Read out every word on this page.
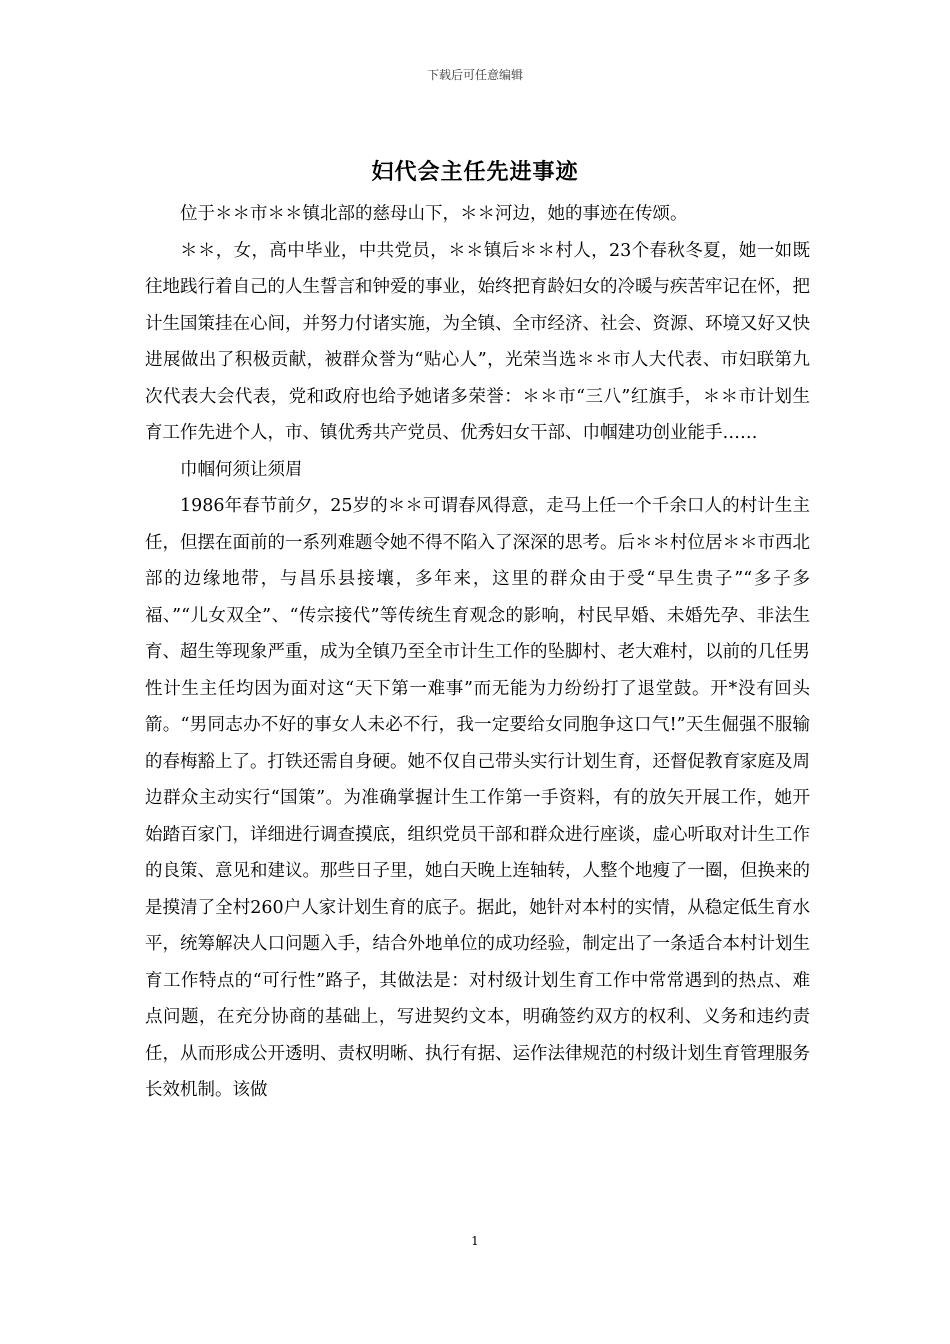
下载后可任意编辑
妇代会主任先进事迹

位于＊＊市＊＊镇北部的慈母山下，＊＊河边，她的事迹在传颂。

＊＊，女，高中毕业，中共党员，＊＊镇后＊＊村人，23个春秋冬夏，她一如既往地践行着自己的人生誓言和钟爱的事业，始终把育龄妇女的冷暖与疾苦牢记在怀，把计生国策挂在心间，并努力付诸实施，为全镇、全市经济、社会、资源、环境又好又快进展做出了积极贡献，被群众誉为“贴心人”，光荣当选＊＊市人大代表、市妇联第九次代表大会代表，党和政府也给予她诸多荣誉：＊＊市“三八”红旗手，＊＊市计划生育工作先进个人，市、镇优秀共产党员、优秀妇女干部、巾帼建功创业能手……

巾帼何须让须眉

1986年春节前夕，25岁的＊＊可谓春风得意，走马上任一个千余口人的村计生主任，但摆在面前的一系列难题令她不得不陷入了深深的思考。后＊＊村位居＊＊市西北部的边缘地带，与昌乐县接壤，多年来，这里的群众由于受“早生贵子”“多子多福、”“儿女双全”、“传宗接代”等传统生育观念的影响，村民早婚、未婚先孕、非法生育、超生等现象严重，成为全镇乃至全市计生工作的坠脚村、老大难村，以前的几任男性计生主任均因为面对这“天下第一难事”而无能为力纷纷打了退堂鼓。开*没有回头箭。“男同志办不好的事女人未必不行，我一定要给女同胞争这口气!”天生倔强不服输的春梅豁上了。打铁还需自身硬。她不仅自己带头实行计划生育，还督促教育家庭及周边群众主动实行“国策”。为准确掌握计生工作第一手资料，有的放矢开展工作，她开始踏百家门，详细进行调查摸底，组织党员干部和群众进行座谈，虚心听取对计生工作的良策、意见和建议。那些日子里，她白天晚上连轴转，人整个地瘦了一圈，但换来的是摸清了全村260户人家计划生育的底子。据此，她针对本村的实情，从稳定低生育水平，统筹解决人口问题入手，结合外地单位的成功经验，制定出了一条适合本村计划生育工作特点的“可行性”路子，其做法是：对村级计划生育工作中常常遇到的热点、难点问题，在充分协商的基础上，写进契约文本，明确签约双方的权利、义务和违约责任，从而形成公开透明、责权明晰、执行有据、运作法律规范的村级计划生育管理服务长效机制。该做

1
